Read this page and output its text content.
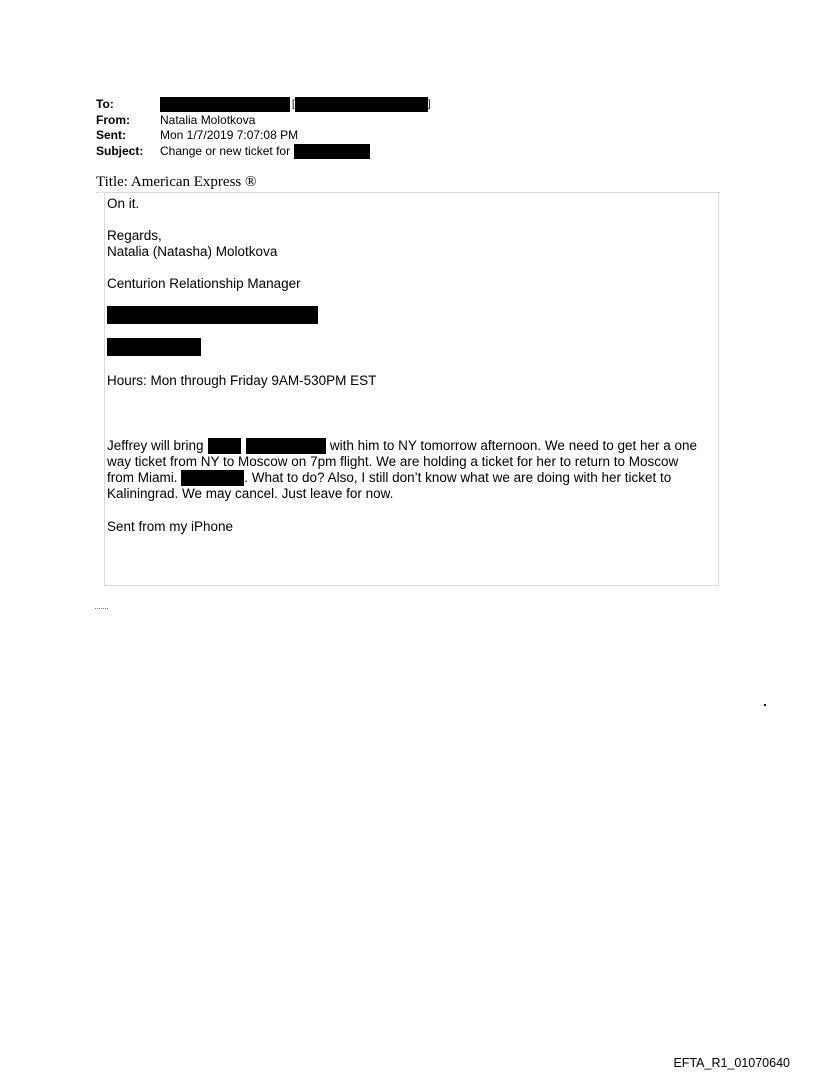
To:	[	]
From:	Natalia Molotkova
Sent:	Mon 1/7/2019 7:07:08 PM
Subject:	Change or new ticket for
Title: American Express ®
On it.
Regards,
Natalia (Natasha) Molotkova
Centurion Relationship Manager
Hours: Mon through Friday 9AM-530PM EST
Jeffrey will bring	with him to NY tomorrow afternoon. We need to get her a one
way ticket from NY to Moscow on 7pm flight. We are holding a ticket for her to return to Moscow
from Miami.	. What to do? Also, I still don’t know what we are doing with her ticket to
Kaliningrad. We may cancel. Just leave for now.
Sent from my iPhone
EFTA_R1_01070640
